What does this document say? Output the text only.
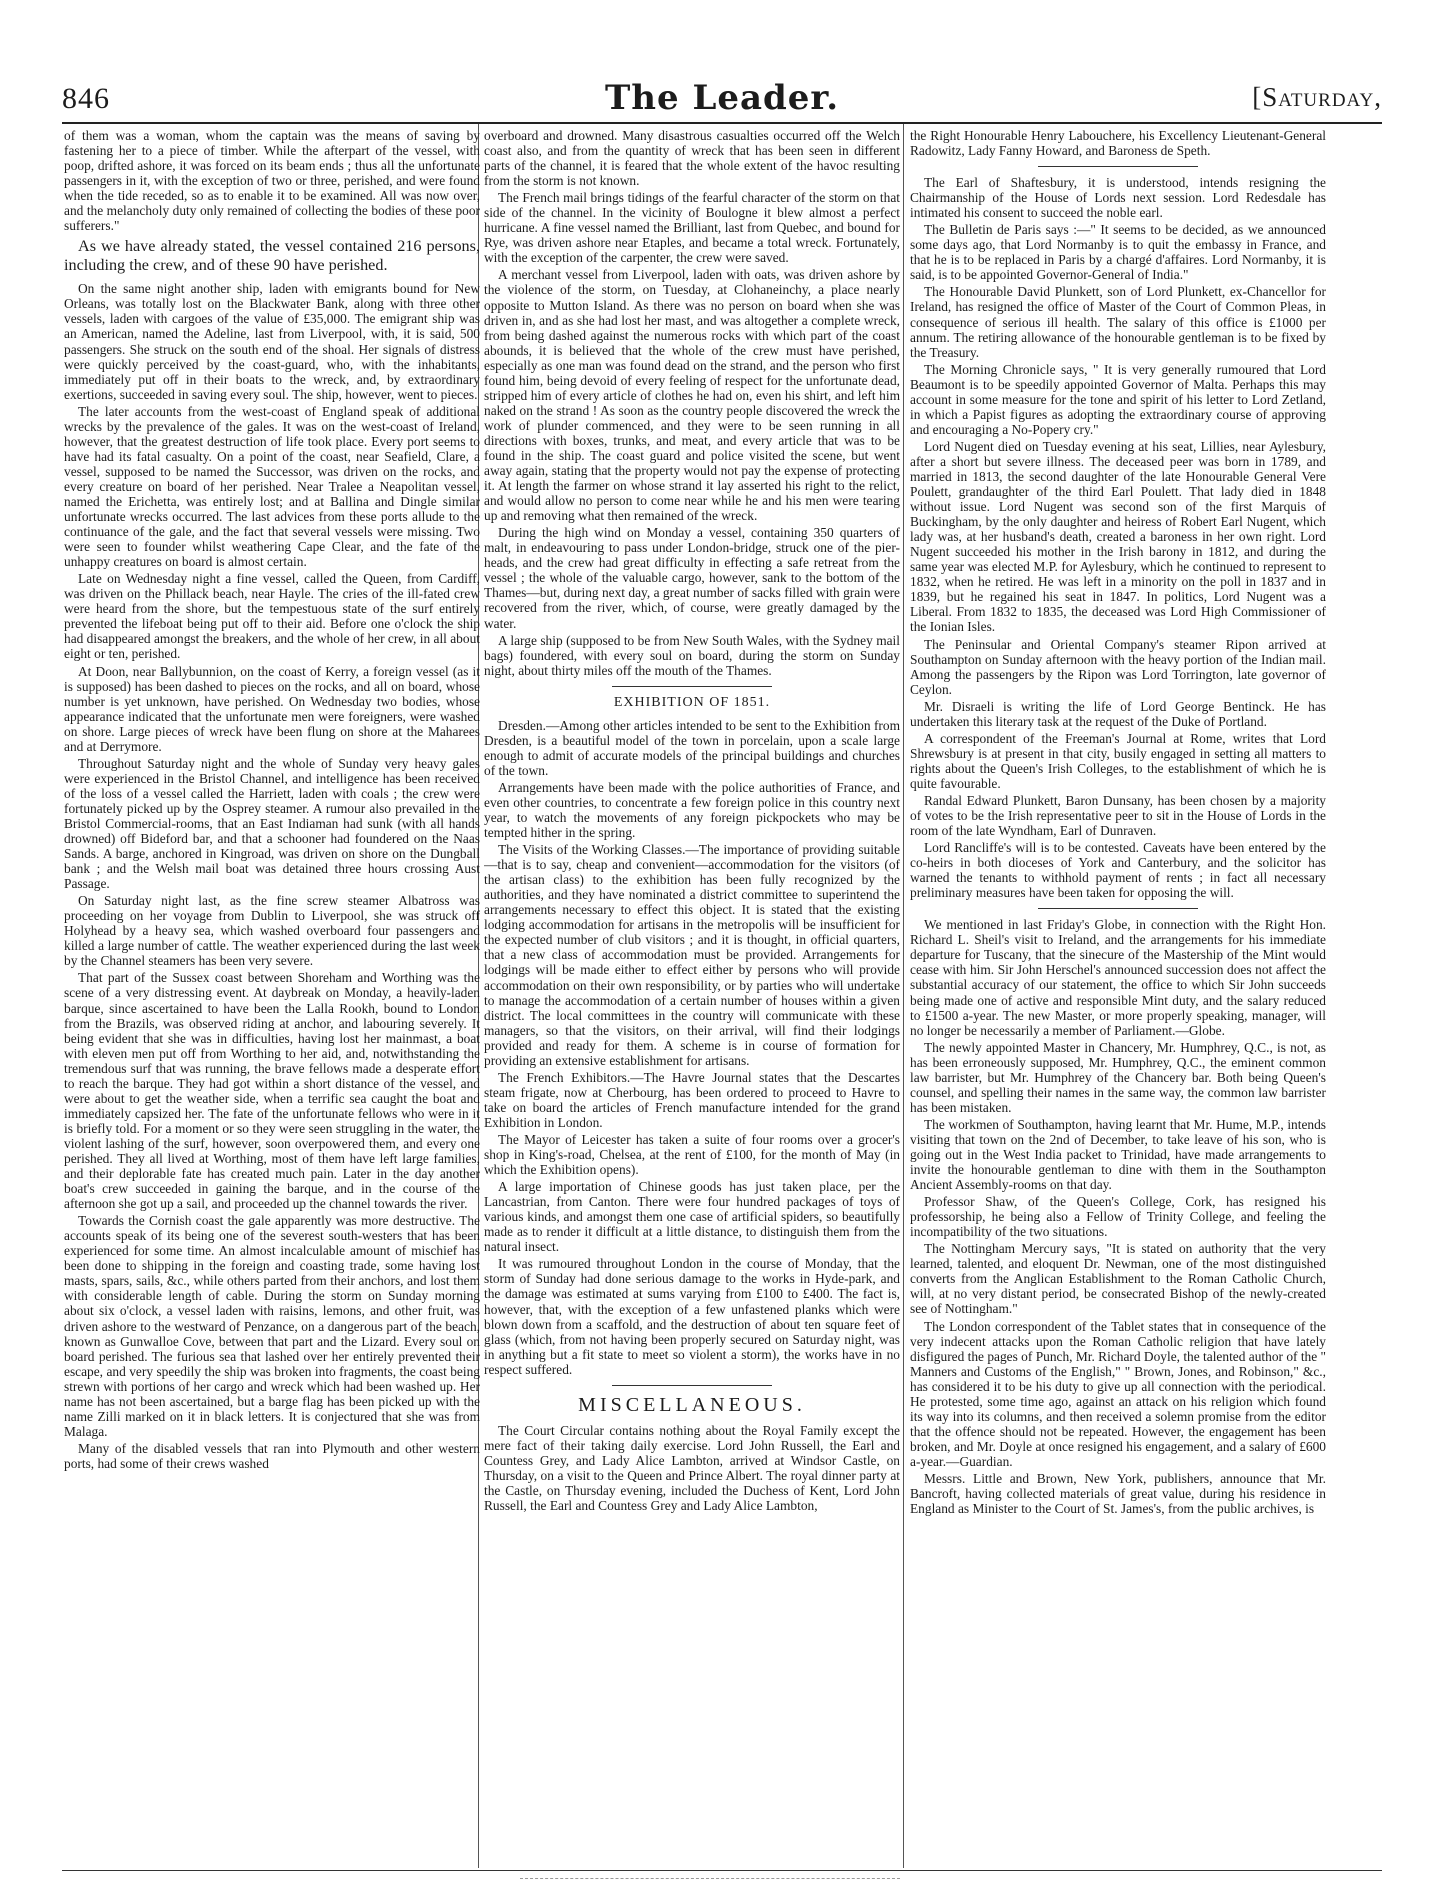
846	The Leader.	[Saturday,

of them was a woman, whom the captain was the means of saving by fastening her to a piece of timber. While the afterpart of the vessel, with poop, drifted ashore, it was forced on its beam ends ; thus all the unfortunate passengers in it, with the exception of two or three, perished, and were found when the tide receded, so as to enable it to be examined. All was now over, and the melancholy duty only remained of collecting the bodies of these poor sufferers."

As we have already stated, the vessel contained 216 persons, including the crew, and of these 90 have perished.

On the same night another ship, laden with emigrants bound for New Orleans, was totally lost on the Blackwater Bank, along with three other vessels, laden with cargoes of the value of £35,000. The emigrant ship was an American, named the Adeline, last from Liverpool, with, it is said, 500 passengers. She struck on the south end of the shoal. Her signals of distress were quickly perceived by the coast-guard, who, with the inhabitants, immediately put off in their boats to the wreck, and, by extraordinary exertions, succeeded in saving every soul. The ship, however, went to pieces.

The later accounts from the west-coast of England speak of additional wrecks by the prevalence of the gales. It was on the west-coast of Ireland, however, that the greatest destruction of life took place. Every port seems to have had its fatal casualty. On a point of the coast, near Seafield, Clare, a vessel, supposed to be named the Successor, was driven on the rocks, and every creature on board of her perished. Near Tralee a Neapolitan vessel, named the Erichetta, was entirely lost; and at Ballina and Dingle similar unfortunate wrecks occurred. The last advices from these ports allude to the continuance of the gale, and the fact that several vessels were missing. Two were seen to founder whilst weathering Cape Clear, and the fate of the unhappy creatures on board is almost certain.

Late on Wednesday night a fine vessel, called the Queen, from Cardiff, was driven on the Phillack beach, near Hayle. The cries of the ill-fated crew were heard from the shore, but the tempestuous state of the surf entirely prevented the lifeboat being put off to their aid. Before one o'clock the ship had disappeared amongst the breakers, and the whole of her crew, in all about eight or ten, perished.

At Doon, near Ballybunnion, on the coast of Kerry, a foreign vessel (as it is supposed) has been dashed to pieces on the rocks, and all on board, whose number is yet unknown, have perished. On Wednesday two bodies, whose appearance indicated that the unfortunate men were foreigners, were washed on shore. Large pieces of wreck have been flung on shore at the Maharees and at Derrymore.

Throughout Saturday night and the whole of Sunday very heavy gales were experienced in the Bristol Channel, and intelligence has been received of the loss of a vessel called the Harriett, laden with coals ; the crew were fortunately picked up by the Osprey steamer. A rumour also prevailed in the Bristol Commercial-rooms, that an East Indiaman had sunk (with all hands drowned) off Bideford bar, and that a schooner had foundered on the Naas Sands. A barge, anchored in Kingroad, was driven on shore on the Dungball bank ; and the Welsh mail boat was detained three hours crossing Aust Passage.

On Saturday night last, as the fine screw steamer Albatross was proceeding on her voyage from Dublin to Liverpool, she was struck off Holyhead by a heavy sea, which washed overboard four passengers and killed a large number of cattle. The weather experienced during the last week by the Channel steamers has been very severe.

That part of the Sussex coast between Shoreham and Worthing was the scene of a very distressing event. At daybreak on Monday, a heavily-laden barque, since ascertained to have been the Lalla Rookh, bound to London from the Brazils, was observed riding at anchor, and labouring severely. It being evident that she was in difficulties, having lost her mainmast, a boat with eleven men put off from Worthing to her aid, and, notwithstanding the tremendous surf that was running, the brave fellows made a desperate effort to reach the barque. They had got within a short distance of the vessel, and were about to get the weather side, when a terrific sea caught the boat and immediately capsized her. The fate of the unfortunate fellows who were in it is briefly told. For a moment or so they were seen struggling in the water, the violent lashing of the surf, however, soon overpowered them, and every one perished. They all lived at Worthing, most of them have left large families, and their deplorable fate has created much pain. Later in the day another boat's crew succeeded in gaining the barque, and in the course of the afternoon she got up a sail, and proceeded up the channel towards the river.

Towards the Cornish coast the gale apparently was more destructive. The accounts speak of its being one of the severest south-westers that has been experienced for some time. An almost incalculable amount of mischief has been done to shipping in the foreign and coasting trade, some having lost masts, spars, sails, &c., while others parted from their anchors, and lost them with considerable length of cable. During the storm on Sunday morning about six o'clock, a vessel laden with raisins, lemons, and other fruit, was driven ashore to the westward of Penzance, on a dangerous part of the beach, known as Gunwalloe Cove, between that part and the Lizard. Every soul on board perished. The furious sea that lashed over her entirely prevented their escape, and very speedily the ship was broken into fragments, the coast being strewn with portions of her cargo and wreck which had been washed up. Her name has not been ascertained, but a barge flag has been picked up with the name Zilli marked on it in black letters. It is conjectured that she was from Malaga.

Many of the disabled vessels that ran into Plymouth and other western ports, had some of their crews washed

overboard and drowned. Many disastrous casualties occurred off the Welch coast also, and from the quantity of wreck that has been seen in different parts of the channel, it is feared that the whole extent of the havoc resulting from the storm is not known.

The French mail brings tidings of the fearful character of the storm on that side of the channel. In the vicinity of Boulogne it blew almost a perfect hurricane. A fine vessel named the Brilliant, last from Quebec, and bound for Rye, was driven ashore near Etaples, and became a total wreck. Fortunately, with the exception of the carpenter, the crew were saved.

A merchant vessel from Liverpool, laden with oats, was driven ashore by the violence of the storm, on Tuesday, at Clohaneinchy, a place nearly opposite to Mutton Island. As there was no person on board when she was driven in, and as she had lost her mast, and was altogether a complete wreck, from being dashed against the numerous rocks with which part of the coast abounds, it is believed that the whole of the crew must have perished, especially as one man was found dead on the strand, and the person who first found him, being devoid of every feeling of respect for the unfortunate dead, stripped him of every article of clothes he had on, even his shirt, and left him naked on the strand ! As soon as the country people discovered the wreck the work of plunder commenced, and they were to be seen running in all directions with boxes, trunks, and meat, and every article that was to be found in the ship. The coast guard and police visited the scene, but went away again, stating that the property would not pay the expense of protecting it. At length the farmer on whose strand it lay asserted his right to the relict, and would allow no person to come near while he and his men were tearing up and removing what then remained of the wreck.

During the high wind on Monday a vessel, containing 350 quarters of malt, in endeavouring to pass under London-bridge, struck one of the pier-heads, and the crew had great difficulty in effecting a safe retreat from the vessel ; the whole of the valuable cargo, however, sank to the bottom of the Thames—but, during next day, a great number of sacks filled with grain were recovered from the river, which, of course, were greatly damaged by the water.

A large ship (supposed to be from New South Wales, with the Sydney mail bags) foundered, with every soul on board, during the storm on Sunday night, about thirty miles off the mouth of the Thames.

EXHIBITION OF 1851.

Dresden.—Among other articles intended to be sent to the Exhibition from Dresden, is a beautiful model of the town in porcelain, upon a scale large enough to admit of accurate models of the principal buildings and churches of the town.

Arrangements have been made with the police authorities of France, and even other countries, to concentrate a few foreign police in this country next year, to watch the movements of any foreign pickpockets who may be tempted hither in the spring.

The Visits of the Working Classes.—The importance of providing suitable—that is to say, cheap and convenient—accommodation for the visitors (of the artisan class) to the exhibition has been fully recognized by the authorities, and they have nominated a district committee to superintend the arrangements necessary to effect this object. It is stated that the existing lodging accommodation for artisans in the metropolis will be insufficient for the expected number of club visitors ; and it is thought, in official quarters, that a new class of accommodation must be provided. Arrangements for lodgings will be made either to effect either by persons who will provide accommodation on their own responsibility, or by parties who will undertake to manage the accommodation of a certain number of houses within a given district. The local committees in the country will communicate with these managers, so that the visitors, on their arrival, will find their lodgings provided and ready for them. A scheme is in course of formation for providing an extensive establishment for artisans.

The French Exhibitors.—The Havre Journal states that the Descartes steam frigate, now at Cherbourg, has been ordered to proceed to Havre to take on board the articles of French manufacture intended for the grand Exhibition in London.

The Mayor of Leicester has taken a suite of four rooms over a grocer's shop in King's-road, Chelsea, at the rent of £100, for the month of May (in which the Exhibition opens).

A large importation of Chinese goods has just taken place, per the Lancastrian, from Canton. There were four hundred packages of toys of various kinds, and amongst them one case of artificial spiders, so beautifully made as to render it difficult at a little distance, to distinguish them from the natural insect.

It was rumoured throughout London in the course of Monday, that the storm of Sunday had done serious damage to the works in Hyde-park, and the damage was estimated at sums varying from £100 to £400. The fact is, however, that, with the exception of a few unfastened planks which were blown down from a scaffold, and the destruction of about ten square feet of glass (which, from not having been properly secured on Saturday night, was in anything but a fit state to meet so violent a storm), the works have in no respect suffered.

MISCELLANEOUS.

The Court Circular contains nothing about the Royal Family except the mere fact of their taking daily exercise. Lord John Russell, the Earl and Countess Grey, and Lady Alice Lambton, arrived at Windsor Castle, on Thursday, on a visit to the Queen and Prince Albert. The royal dinner party at the Castle, on Thursday evening, included the Duchess of Kent, Lord John Russell, the Earl and Countess Grey and Lady Alice Lambton,

the Right Honourable Henry Labouchere, his Excellency Lieutenant-General Radowitz, Lady Fanny Howard, and Baroness de Speth.

The Earl of Shaftesbury, it is understood, intends resigning the Chairmanship of the House of Lords next session. Lord Redesdale has intimated his consent to succeed the noble earl.

The Bulletin de Paris says :—" It seems to be decided, as we announced some days ago, that Lord Normanby is to quit the embassy in France, and that he is to be replaced in Paris by a chargé d'affaires. Lord Normanby, it is said, is to be appointed Governor-General of India."

The Honourable David Plunkett, son of Lord Plunkett, ex-Chancellor for Ireland, has resigned the office of Master of the Court of Common Pleas, in consequence of serious ill health. The salary of this office is £1000 per annum. The retiring allowance of the honourable gentleman is to be fixed by the Treasury.

The Morning Chronicle says, " It is very generally rumoured that Lord Beaumont is to be speedily appointed Governor of Malta. Perhaps this may account in some measure for the tone and spirit of his letter to Lord Zetland, in which a Papist figures as adopting the extraordinary course of approving and encouraging a No-Popery cry."

Lord Nugent died on Tuesday evening at his seat, Lillies, near Aylesbury, after a short but severe illness. The deceased peer was born in 1789, and married in 1813, the second daughter of the late Honourable General Vere Poulett, grandaughter of the third Earl Poulett. That lady died in 1848 without issue. Lord Nugent was second son of the first Marquis of Buckingham, by the only daughter and heiress of Robert Earl Nugent, which lady was, at her husband's death, created a baroness in her own right. Lord Nugent succeeded his mother in the Irish barony in 1812, and during the same year was elected M.P. for Aylesbury, which he continued to represent to 1832, when he retired. He was left in a minority on the poll in 1837 and in 1839, but he regained his seat in 1847. In politics, Lord Nugent was a Liberal. From 1832 to 1835, the deceased was Lord High Commissioner of the Ionian Isles.

The Peninsular and Oriental Company's steamer Ripon arrived at Southampton on Sunday afternoon with the heavy portion of the Indian mail. Among the passengers by the Ripon was Lord Torrington, late governor of Ceylon.

Mr. Disraeli is writing the life of Lord George Bentinck. He has undertaken this literary task at the request of the Duke of Portland.

A correspondent of the Freeman's Journal at Rome, writes that Lord Shrewsbury is at present in that city, busily engaged in setting all matters to rights about the Queen's Irish Colleges, to the establishment of which he is quite favourable.

Randal Edward Plunkett, Baron Dunsany, has been chosen by a majority of votes to be the Irish representative peer to sit in the House of Lords in the room of the late Wyndham, Earl of Dunraven.

Lord Rancliffe's will is to be contested. Caveats have been entered by the co-heirs in both dioceses of York and Canterbury, and the solicitor has warned the tenants to withhold payment of rents ; in fact all necessary preliminary measures have been taken for opposing the will.

We mentioned in last Friday's Globe, in connection with the Right Hon. Richard L. Sheil's visit to Ireland, and the arrangements for his immediate departure for Tuscany, that the sinecure of the Mastership of the Mint would cease with him. Sir John Herschel's announced succession does not affect the substantial accuracy of our statement, the office to which Sir John succeeds being made one of active and responsible Mint duty, and the salary reduced to £1500 a-year. The new Master, or more properly speaking, manager, will no longer be necessarily a member of Parliament.—Globe.

The newly appointed Master in Chancery, Mr. Humphrey, Q.C., is not, as has been erroneously supposed, Mr. Humphrey, Q.C., the eminent common law barrister, but Mr. Humphrey of the Chancery bar. Both being Queen's counsel, and spelling their names in the same way, the common law barrister has been mistaken.

The workmen of Southampton, having learnt that Mr. Hume, M.P., intends visiting that town on the 2nd of December, to take leave of his son, who is going out in the West India packet to Trinidad, have made arrangements to invite the honourable gentleman to dine with them in the Southampton Ancient Assembly-rooms on that day.

Professor Shaw, of the Queen's College, Cork, has resigned his professorship, he being also a Fellow of Trinity College, and feeling the incompatibility of the two situations.

The Nottingham Mercury says, "It is stated on authority that the very learned, talented, and eloquent Dr. Newman, one of the most distinguished converts from the Anglican Establishment to the Roman Catholic Church, will, at no very distant period, be consecrated Bishop of the newly-created see of Nottingham."

The London correspondent of the Tablet states that in consequence of the very indecent attacks upon the Roman Catholic religion that have lately disfigured the pages of Punch, Mr. Richard Doyle, the talented author of the " Manners and Customs of the English," " Brown, Jones, and Robinson," &c., has considered it to be his duty to give up all connection with the periodical. He protested, some time ago, against an attack on his religion which found its way into its columns, and then received a solemn promise from the editor that the offence should not be repeated. However, the engagement has been broken, and Mr. Doyle at once resigned his engagement, and a salary of £600 a-year.—Guardian.

Messrs. Little and Brown, New York, publishers, announce that Mr. Bancroft, having collected materials of great value, during his residence in England as Minister to the Court of St. James's, from the public archives, is
